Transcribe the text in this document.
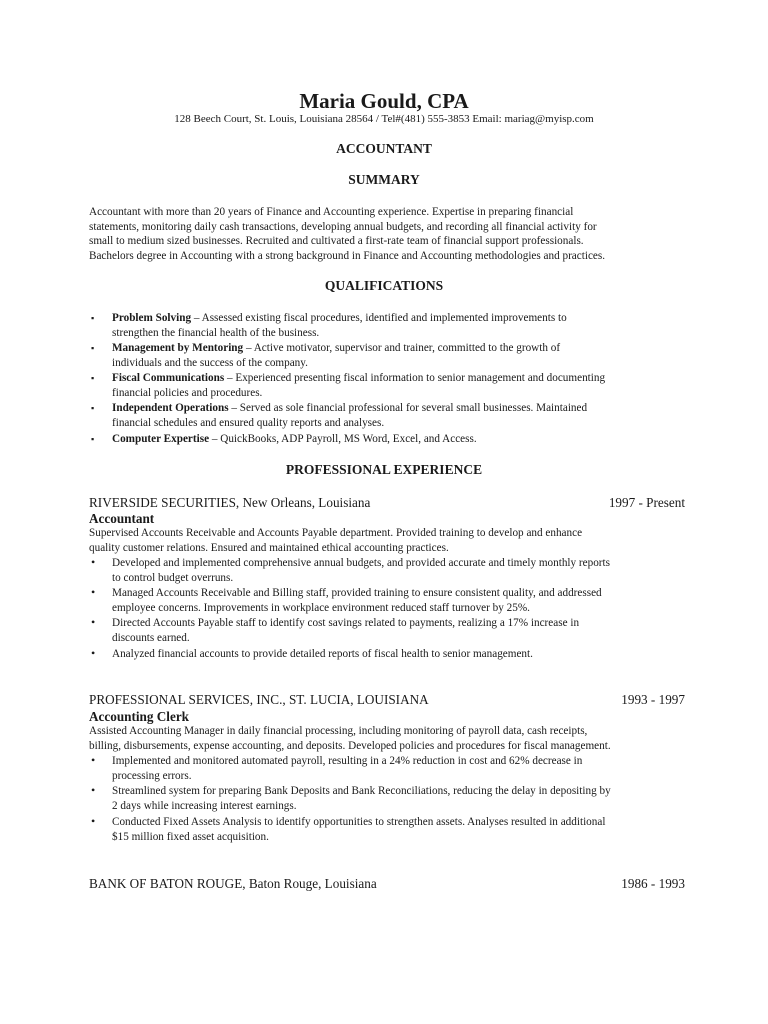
Maria Gould, CPA
128 Beech Court, St. Louis, Louisiana 28564 / Tel#(481) 555-3853 Email: mariag@myisp.com
ACCOUNTANT
SUMMARY
Accountant with more than 20 years of Finance and Accounting experience. Expertise in preparing financial
statements, monitoring daily cash transactions, developing annual budgets, and recording all financial activity for
small to medium sized businesses. Recruited and cultivated a first-rate team of financial support professionals.
Bachelors degree in Accounting with a strong background in Finance and Accounting methodologies and practices.
QUALIFICATIONS
▪ Problem Solving – Assessed existing fiscal procedures, identified and implemented improvements to
strengthen the financial health of the business.
▪ Management by Mentoring – Active motivator, supervisor and trainer, committed to the growth of
individuals and the success of the company.
▪ Fiscal Communications – Experienced presenting fiscal information to senior management and documenting
financial policies and procedures.
▪ Independent Operations – Served as sole financial professional for several small businesses. Maintained
financial schedules and ensured quality reports and analyses.
▪ Computer Expertise – QuickBooks, ADP Payroll, MS Word, Excel, and Access.
PROFESSIONAL EXPERIENCE
RIVERSIDE SECURITIES, New Orleans, Louisiana	1997 - Present
Accountant
Supervised Accounts Receivable and Accounts Payable department. Provided training to develop and enhance
quality customer relations. Ensured and maintained ethical accounting practices.
• Developed and implemented comprehensive annual budgets, and provided accurate and timely monthly reports
to control budget overruns.
• Managed Accounts Receivable and Billing staff, provided training to ensure consistent quality, and addressed
employee concerns. Improvements in workplace environment reduced staff turnover by 25%.
• Directed Accounts Payable staff to identify cost savings related to payments, realizing a 17% increase in
discounts earned.
• Analyzed financial accounts to provide detailed reports of fiscal health to senior management.
PROFESSIONAL SERVICES, INC., ST. LUCIA, LOUISIANA	1993 - 1997
Accounting Clerk
Assisted Accounting Manager in daily financial processing, including monitoring of payroll data, cash receipts,
billing, disbursements, expense accounting, and deposits. Developed policies and procedures for fiscal management.
• Implemented and monitored automated payroll, resulting in a 24% reduction in cost and 62% decrease in
processing errors.
• Streamlined system for preparing Bank Deposits and Bank Reconciliations, reducing the delay in depositing by
2 days while increasing interest earnings.
• Conducted Fixed Assets Analysis to identify opportunities to strengthen assets. Analyses resulted in additional
$15 million fixed asset acquisition.
BANK OF BATON ROUGE, Baton Rouge, Louisiana	1986 - 1993
